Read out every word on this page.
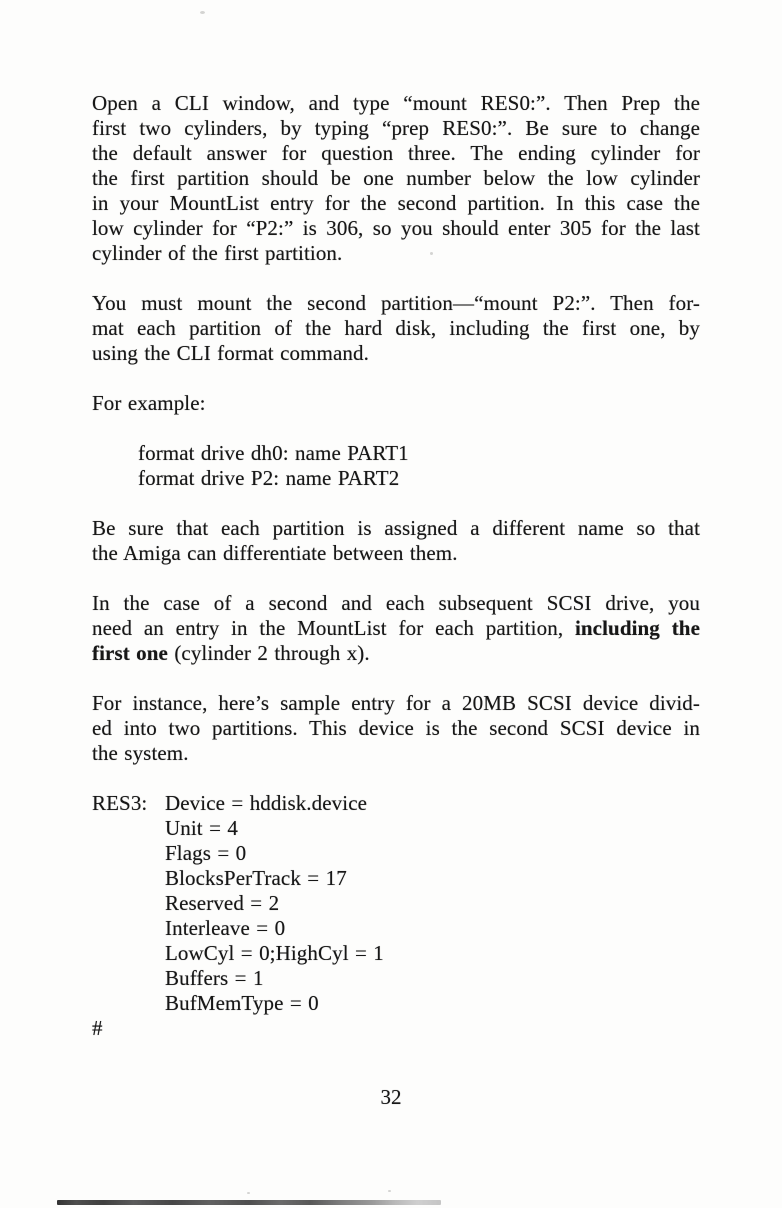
Open a CLI window, and type “mount RES0:”. Then Prep the
first two cylinders, by typing “prep RES0:”. Be sure to change
the default answer for question three. The ending cylinder for
the first partition should be one number below the low cylinder
in your MountList entry for the second partition. In this case the
low cylinder for “P2:” is 306, so you should enter 305 for the last
cylinder of the first partition.
You must mount the second partition—“mount P2:”. Then for-
mat each partition of the hard disk, including the first one, by
using the CLI format command.
For example:
format drive dh0: name PART1
format drive P2: name PART2
Be sure that each partition is assigned a different name so that
the Amiga can differentiate between them.
In the case of a second and each subsequent SCSI drive, you
need an entry in the MountList for each partition, including the
first one (cylinder 2 through x).
For instance, here’s sample entry for a 20MB SCSI device divid-
ed into two partitions. This device is the second SCSI device in
the system.
RES3: Device = hddisk.device
Unit = 4
Flags = 0
BlocksPerTrack = 17
Reserved = 2
Interleave = 0
LowCyl = 0;HighCyl = 1
Buffers = 1
BufMemType = 0
#
32
